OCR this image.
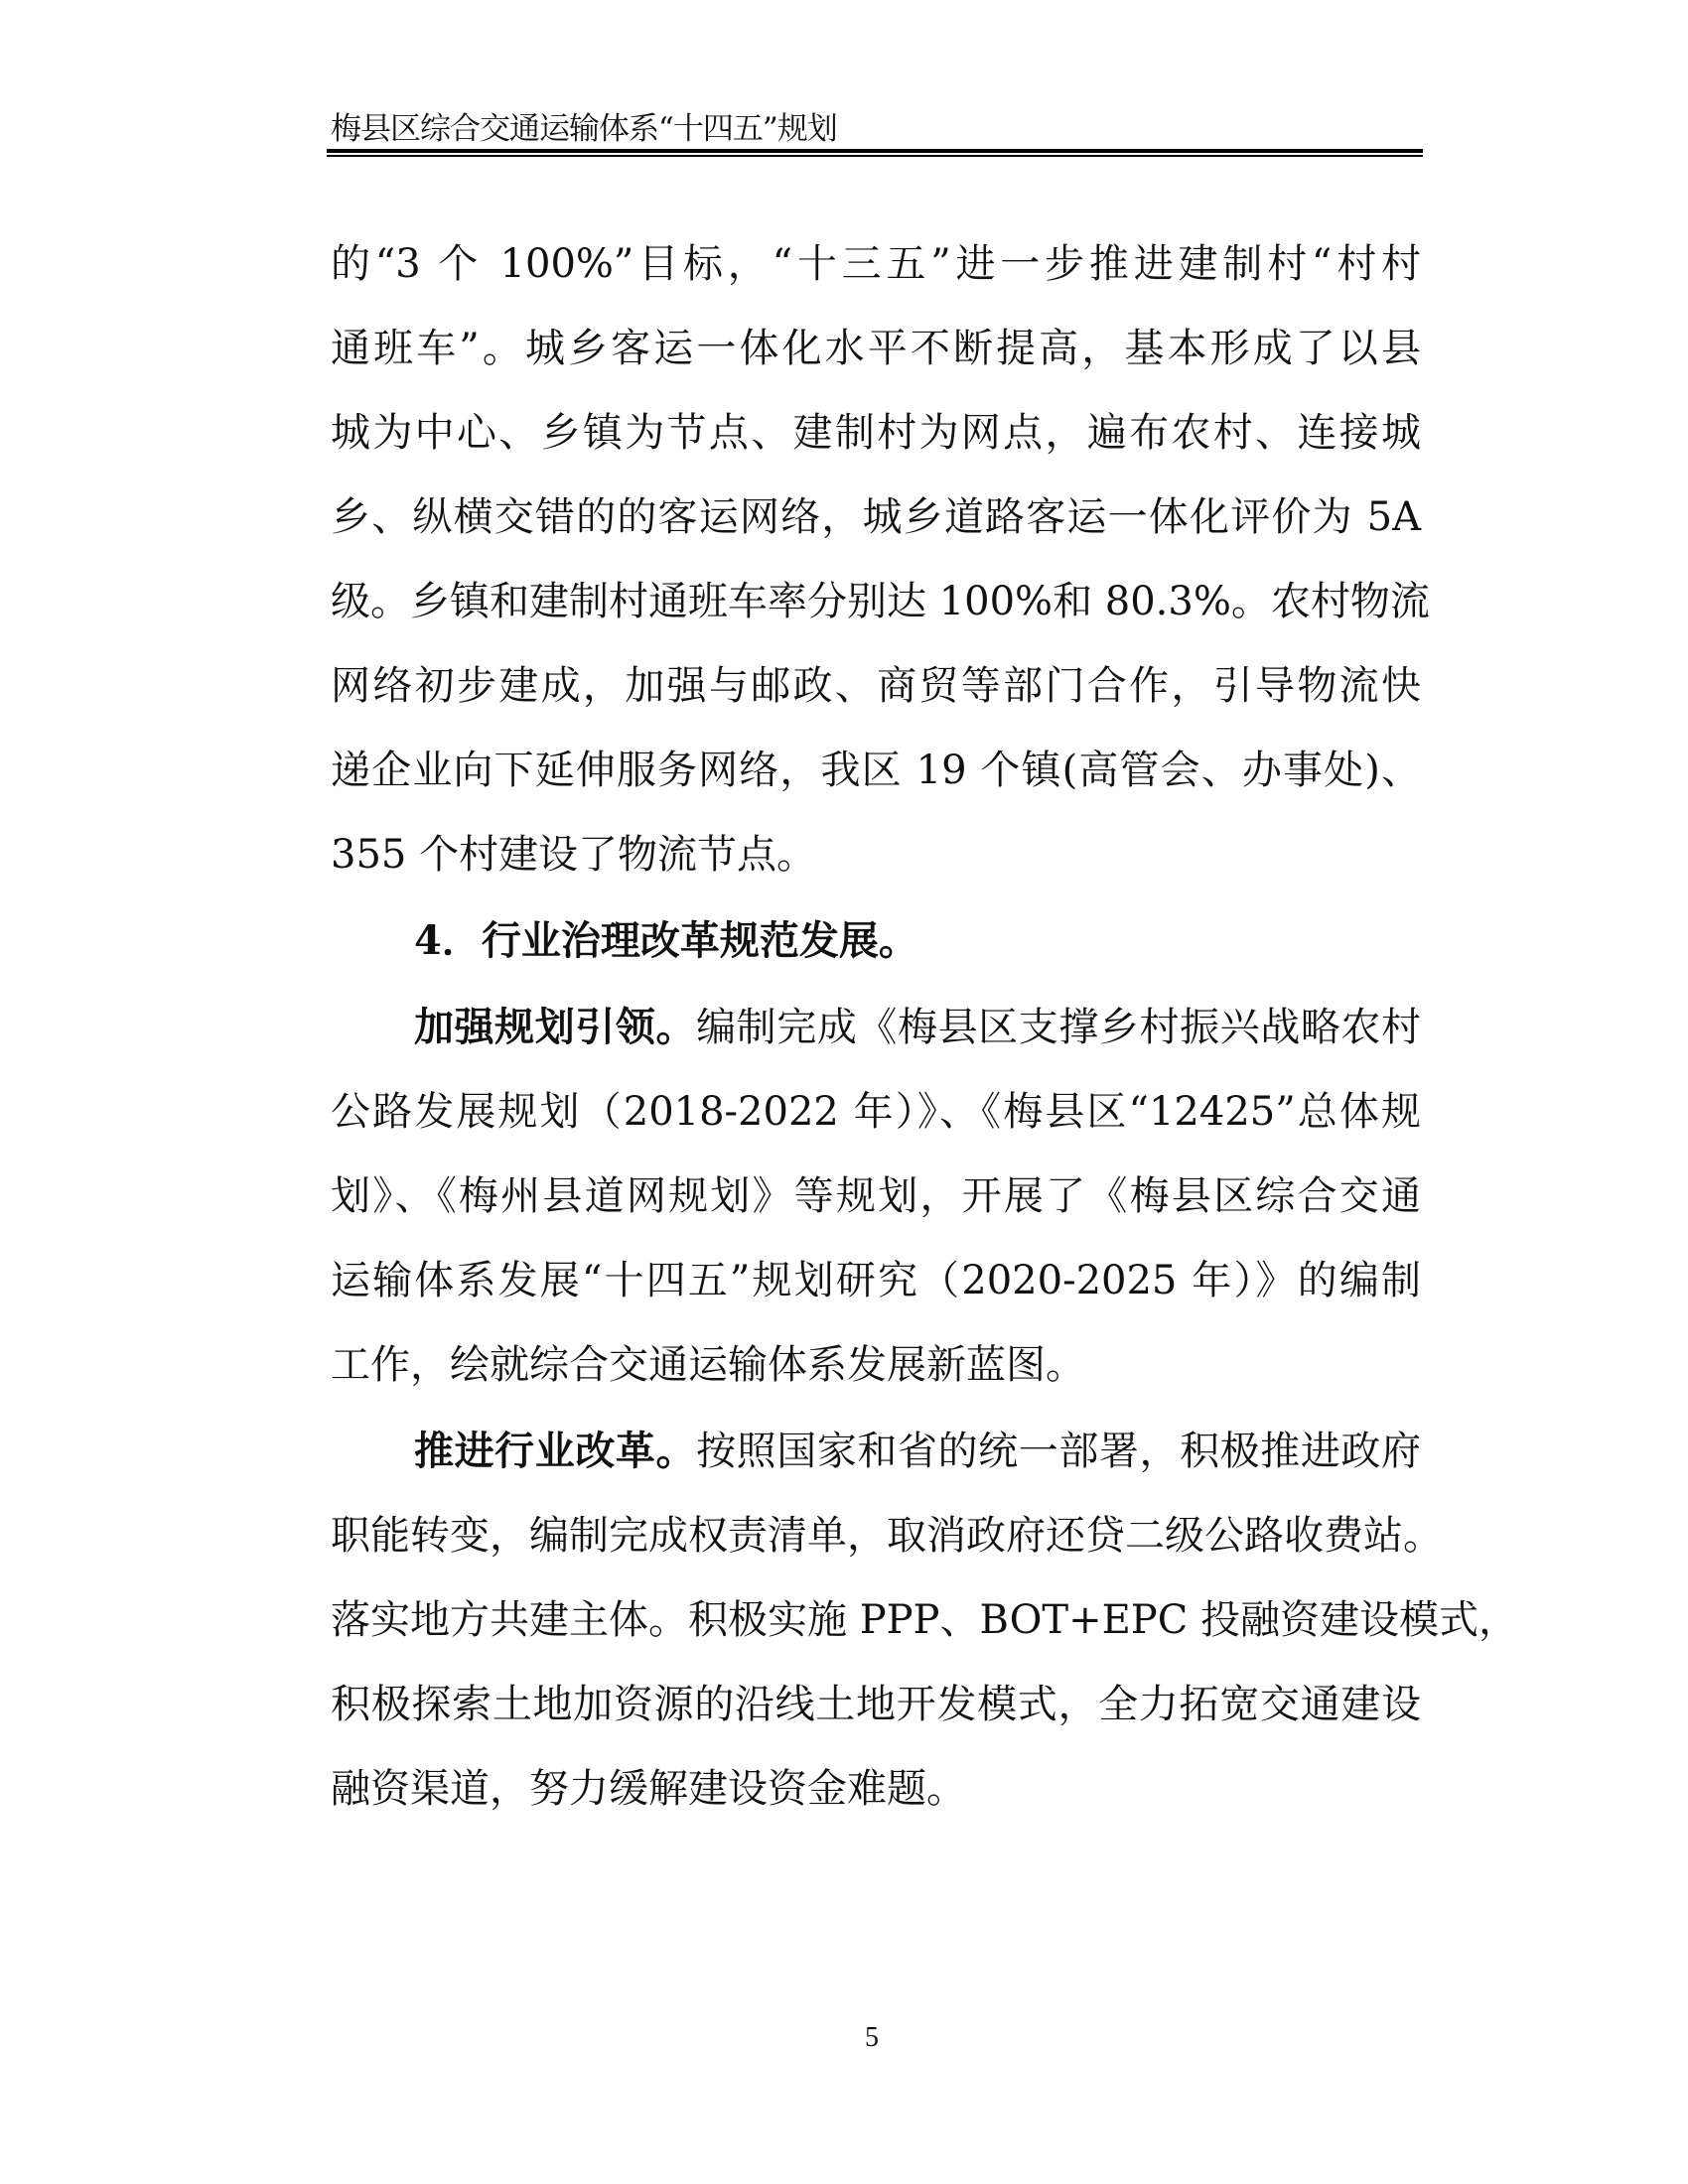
梅县区综合交通运输体系“十四五”规划
的“3 个 100%”目标，“十三五”进一步推进建制村“村村
通班车”。城乡客运一体化水平不断提高，基本形成了以县
城为中心、乡镇为节点、建制村为网点，遍布农村、连接城
乡、纵横交错的的客运网络，城乡道路客运一体化评价为 5A
级。乡镇和建制村通班车率分别达 100%和 80.3%。农村物流
网络初步建成，加强与邮政、商贸等部门合作，引导物流快
递企业向下延伸服务网络，我区 19 个镇(高管会、办事处)、
355 个村建设了物流节点。
4．行业治理改革规范发展。
加强规划引领。编制完成《梅县区支撑乡村振兴战略农村
公路发展规划（2018-2022 年）》、《梅县区“12425”总体规
划》、《梅州县道网规划》等规划，开展了《梅县区综合交通
运输体系发展“十四五”规划研究（2020-2025 年）》的编制
工作，绘就综合交通运输体系发展新蓝图。
推进行业改革。按照国家和省的统一部署，积极推进政府
职能转变，编制完成权责清单，取消政府还贷二级公路收费站。
落实地方共建主体。积极实施 PPP、BOT+EPC 投融资建设模式，
积极探索土地加资源的沿线土地开发模式，全力拓宽交通建设
融资渠道，努力缓解建设资金难题。
5
